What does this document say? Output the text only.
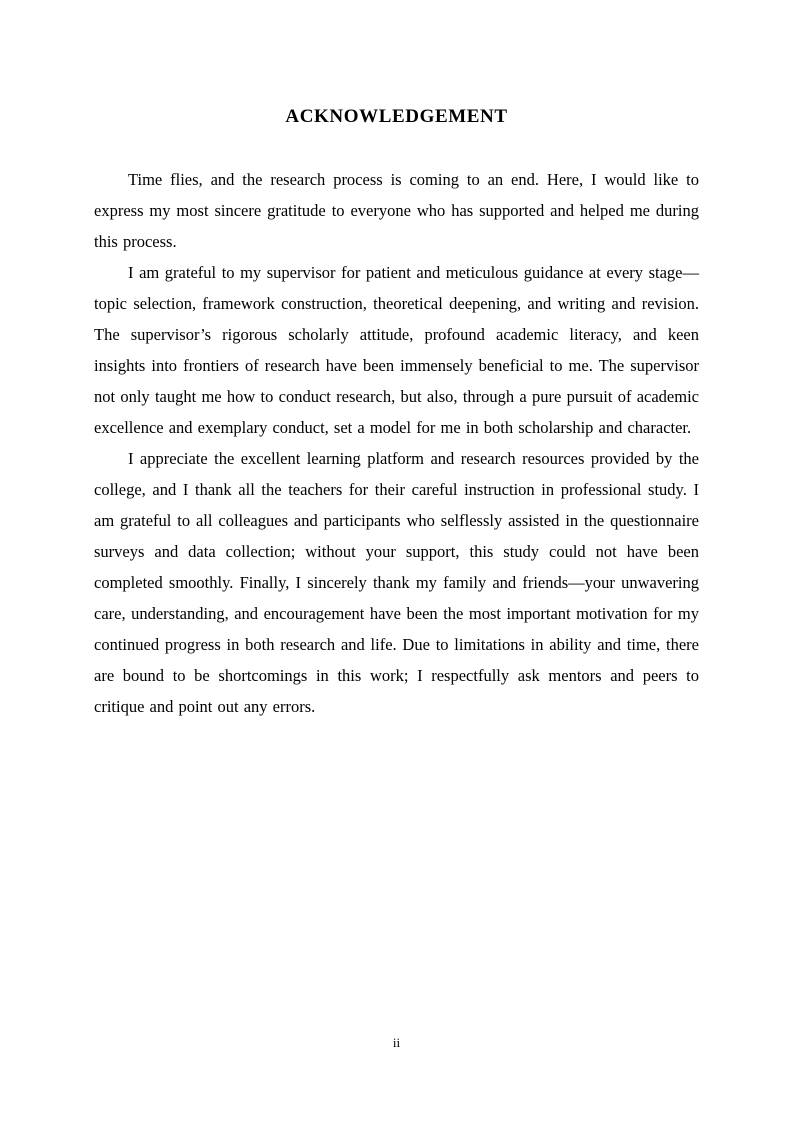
ACKNOWLEDGEMENT

Time flies, and the research process is coming to an end. Here, I would like to express my most sincere gratitude to everyone who has supported and helped me during this process.

I am grateful to my supervisor for patient and meticulous guidance at every stage—topic selection, framework construction, theoretical deepening, and writing and revision. The supervisor’s rigorous scholarly attitude, profound academic literacy, and keen insights into frontiers of research have been immensely beneficial to me. The supervisor not only taught me how to conduct research, but also, through a pure pursuit of academic excellence and exemplary conduct, set a model for me in both scholarship and character.

I appreciate the excellent learning platform and research resources provided by the college, and I thank all the teachers for their careful instruction in professional study. I am grateful to all colleagues and participants who selflessly assisted in the questionnaire surveys and data collection; without your support, this study could not have been completed smoothly. Finally, I sincerely thank my family and friends—your unwavering care, understanding, and encouragement have been the most important motivation for my continued progress in both research and life. Due to limitations in ability and time, there are bound to be shortcomings in this work; I respectfully ask mentors and peers to critique and point out any errors.

ii
